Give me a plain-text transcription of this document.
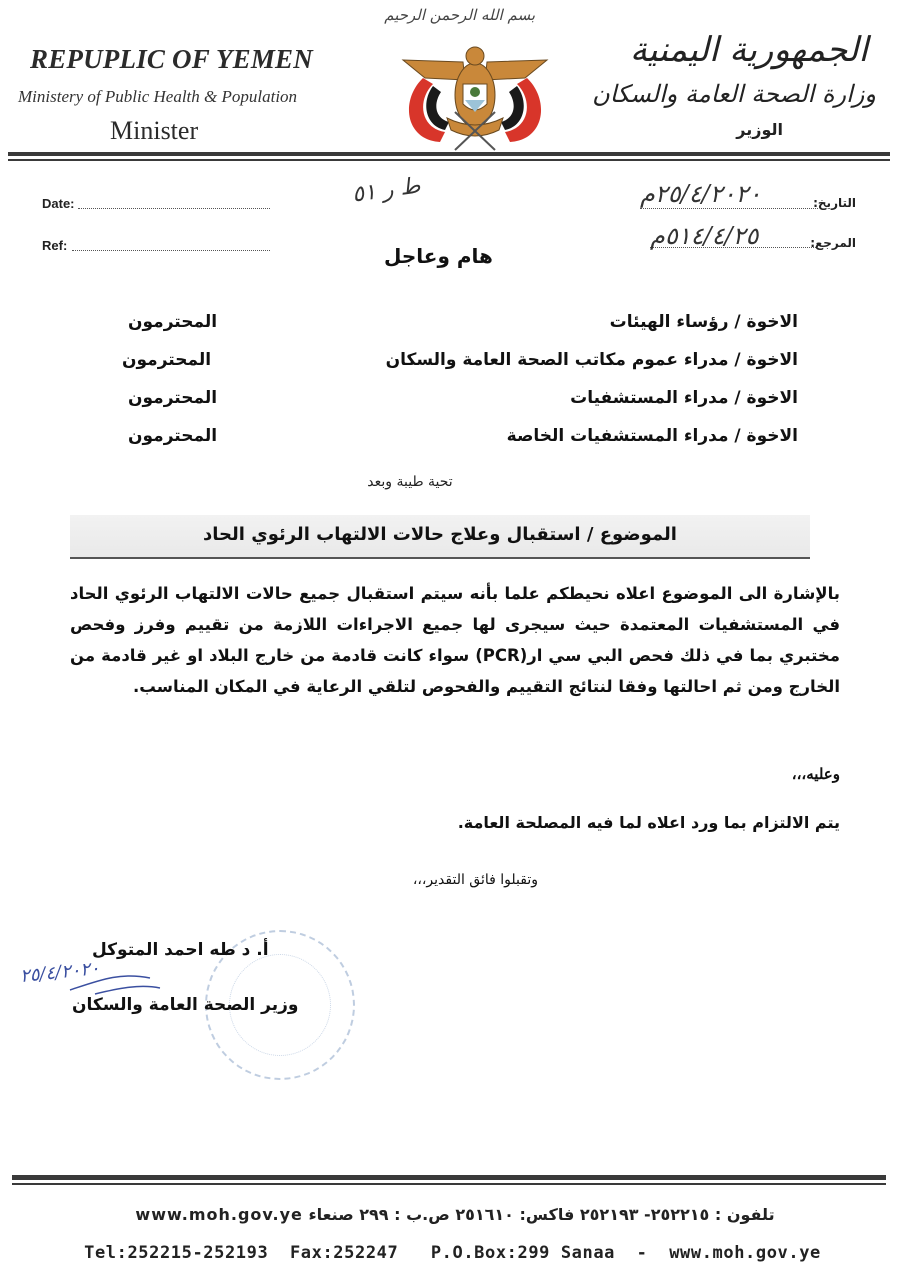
REPUPLIC OF YEMEN
Ministery of Public Health & Population
Minister
بسم الله الرحمن الرحيم
الجمهورية اليمنية
وزارة الصحة العامة والسكان
الوزير
Date:
Ref:
ط ر ٥١	التاريخ:
٢٥/٤/٢٠٢٠م
المرجع:
٥١٤/٤/٢٥م
هام وعاجل
الاخوة / رؤساء الهيئات
المحترمون
الاخوة / مدراء عموم مكاتب الصحة العامة والسكان
المحترمون
الاخوة / مدراء المستشفيات
المحترمون
الاخوة / مدراء المستشفيات الخاصة
المحترمون
تحية طيبة وبعد
الموضوع / استقبال وعلاج حالات الالتهاب الرئوي الحاد
بالإشارة الى الموضوع اعلاه نحيطكم علما بأنه سيتم استقبال جميع حالات الالتهاب الرئوي الحاد في المستشفيات المعتمدة حيث سيجرى لها جميع الاجراءات اللازمة من تقييم وفرز وفحص مختبري بما في ذلك فحص البي سي ار(PCR) سواء كانت قادمة من خارج البلاد او غير قادمة من الخارج ومن ثم احالتها وفقا لنتائج التقييم والفحوص لتلقي الرعاية في المكان المناسب.
وعليه،،،
يتم الالتزام بما ورد اعلاه لما فيه المصلحة العامة.
وتقبلوا فائق التقدير،،،
أ. د طه احمد المتوكل
٢٥/٤/٢٠٢٠
وزير الصحة العامة والسكان
تلفون : ٢٥٢٢١٥- ٢٥٢١٩٣ فاكس: ٢٥١٦١٠ ص.ب : ٢٩٩ صنعاء www.moh.gov.ye
Tel:252215-252193  Fax:252247   P.O.Box:299 Sanaa  -  www.moh.gov.ye
